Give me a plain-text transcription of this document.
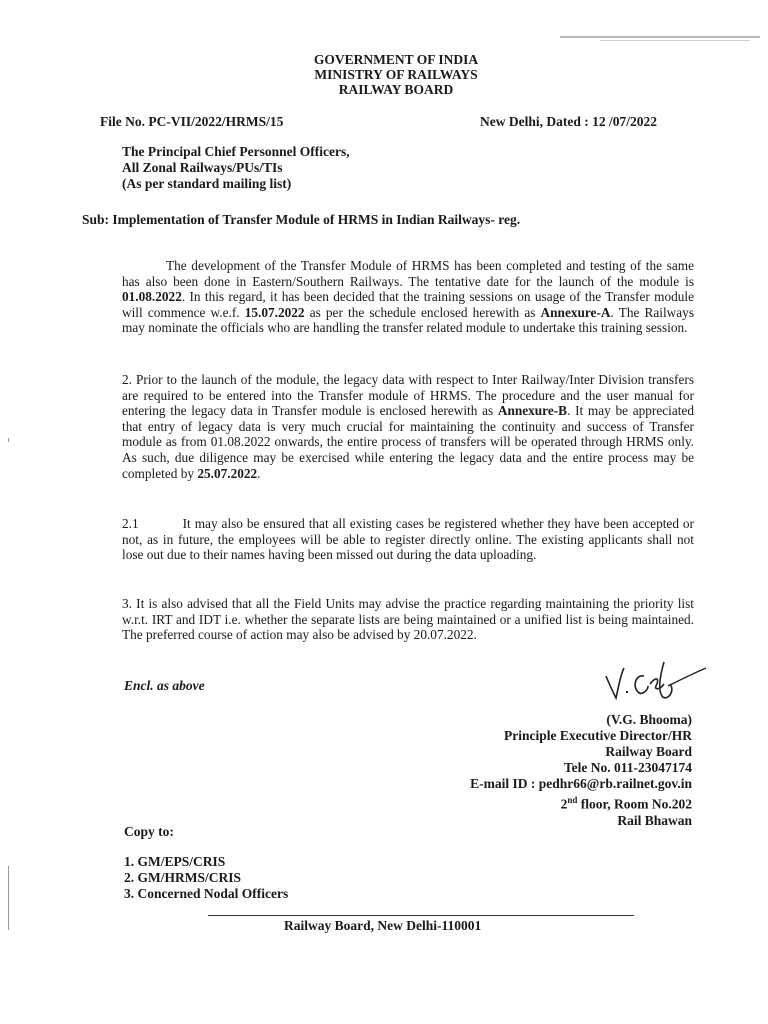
GOVERNMENT OF INDIA
MINISTRY OF RAILWAYS
RAILWAY BOARD
File No. PC-VII/2022/HRMS/15	New Delhi, Dated : 12 /07/2022
The Principal Chief Personnel Officers,
All Zonal Railways/PUs/TIs
(As per standard mailing list)
Sub: Implementation of Transfer Module of HRMS in Indian Railways- reg.
The development of the Transfer Module of HRMS has been completed and testing of the same has also been done in Eastern/Southern Railways. The tentative date for the launch of the module is 01.08.2022. In this regard, it has been decided that the training sessions on usage of the Transfer module will commence w.e.f. 15.07.2022 as per the schedule enclosed herewith as Annexure-A. The Railways may nominate the officials who are handling the transfer related module to undertake this training session.
2. Prior to the launch of the module, the legacy data with respect to Inter Railway/Inter Division transfers are required to be entered into the Transfer module of HRMS. The procedure and the user manual for entering the legacy data in Transfer module is enclosed herewith as Annexure-B. It may be appreciated that entry of legacy data is very much crucial for maintaining the continuity and success of Transfer module as from 01.08.2022 onwards, the entire process of transfers will be operated through HRMS only. As such, due diligence may be exercised while entering the legacy data and the entire process may be completed by 25.07.2022.
2.1	It may also be ensured that all existing cases be registered whether they have been accepted or not, as in future, the employees will be able to register directly online. The existing applicants shall not lose out due to their names having been missed out during the data uploading.
3. It is also advised that all the Field Units may advise the practice regarding maintaining the priority list w.r.t. IRT and IDT i.e. whether the separate lists are being maintained or a unified list is being maintained. The preferred course of action may also be advised by 20.07.2022.
Encl. as above
(V.G. Bhooma)
Principle Executive Director/HR
Railway Board
Tele No. 011-23047174
E-mail ID : pedhr66@rb.railnet.gov.in
2nd floor, Room No.202
Rail Bhawan
Copy to:
1. GM/EPS/CRIS
2. GM/HRMS/CRIS
3. Concerned Nodal Officers
Railway Board, New Delhi-110001
